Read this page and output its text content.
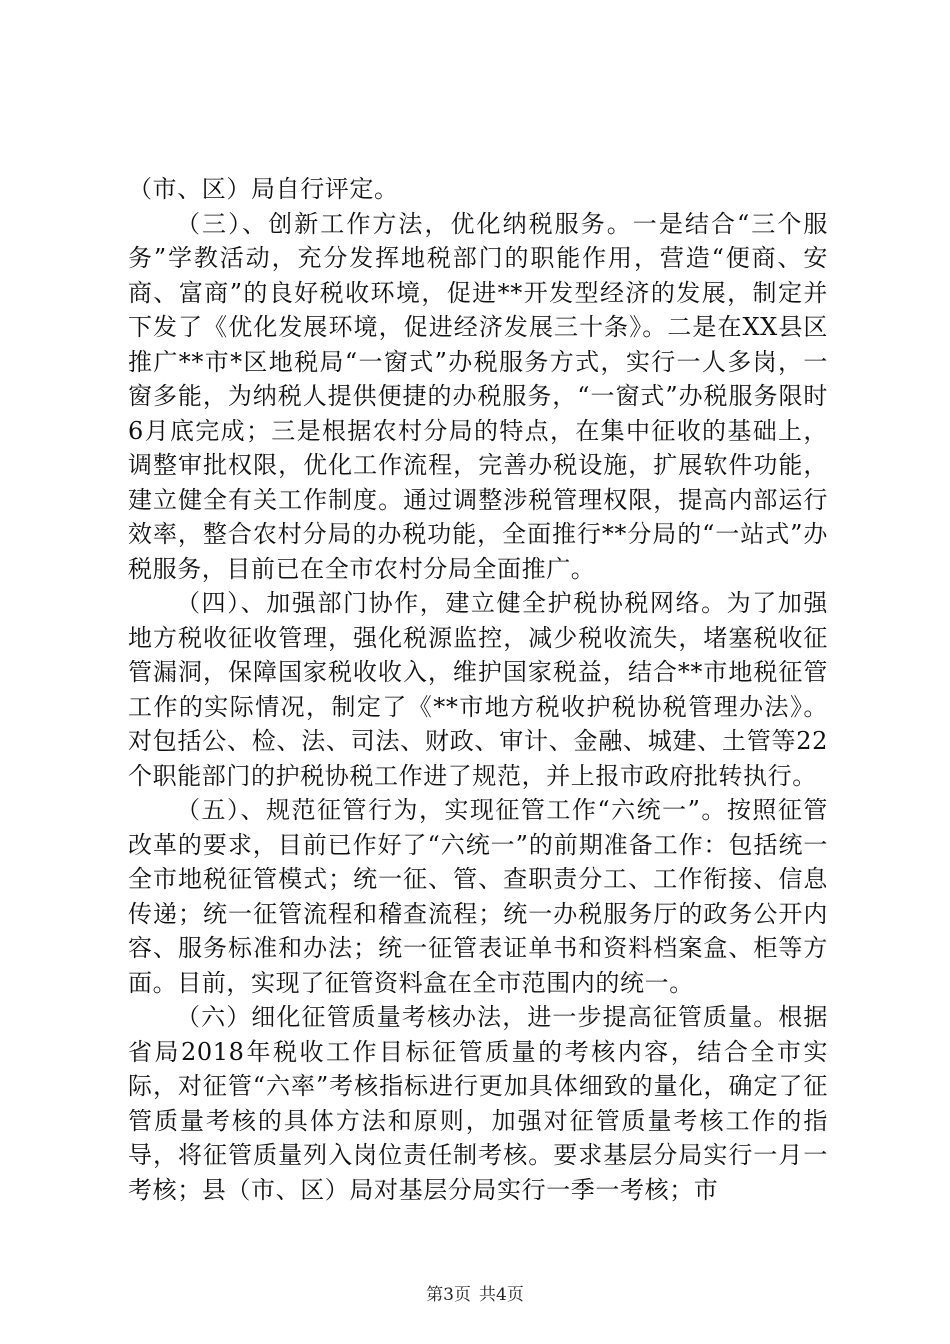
（市、区）局自行评定。

（三）、创新工作方法，优化纳税服务。一是结合“三个服务”学教活动，充分发挥地税部门的职能作用，营造“便商、安商、富商”的良好税收环境，促进**开发型经济的发展，制定并下发了《优化发展环境，促进经济发展三十条》。二是在XX县区推广**市*区地税局“一窗式”办税服务方式，实行一人多岗，一窗多能，为纳税人提供便捷的办税服务，“一窗式”办税服务限时6月底完成；三是根据农村分局的特点，在集中征收的基础上，调整审批权限，优化工作流程，完善办税设施，扩展软件功能，建立健全有关工作制度。通过调整涉税管理权限，提高内部运行效率，整合农村分局的办税功能，全面推行**分局的“一站式”办税服务，目前已在全市农村分局全面推广。

（四）、加强部门协作，建立健全护税协税网络。为了加强地方税收征收管理，强化税源监控，减少税收流失，堵塞税收征管漏洞，保障国家税收收入，维护国家税益，结合**市地税征管工作的实际情况，制定了《**市地方税收护税协税管理办法》。对包括公、检、法、司法、财政、审计、金融、城建、土管等22个职能部门的护税协税工作进了规范，并上报市政府批转执行。

（五）、规范征管行为，实现征管工作“六统一”。按照征管改革的要求，目前已作好了“六统一”的前期准备工作：包括统一全市地税征管模式；统一征、管、查职责分工、工作衔接、信息传递；统一征管流程和稽查流程；统一办税服务厅的政务公开内容、服务标准和办法；统一征管表证单书和资料档案盒、柜等方面。目前，实现了征管资料盒在全市范围内的统一。

（六）细化征管质量考核办法，进一步提高征管质量。根据省局2018年税收工作目标征管质量的考核内容，结合全市实际，对征管“六率”考核指标进行更加具体细致的量化，确定了征管质量考核的具体方法和原则，加强对征管质量考核工作的指导，将征管质量列入岗位责任制考核。要求基层分局实行一月一考核；县（市、区）局对基层分局实行一季一考核；市

第3页 共4页
